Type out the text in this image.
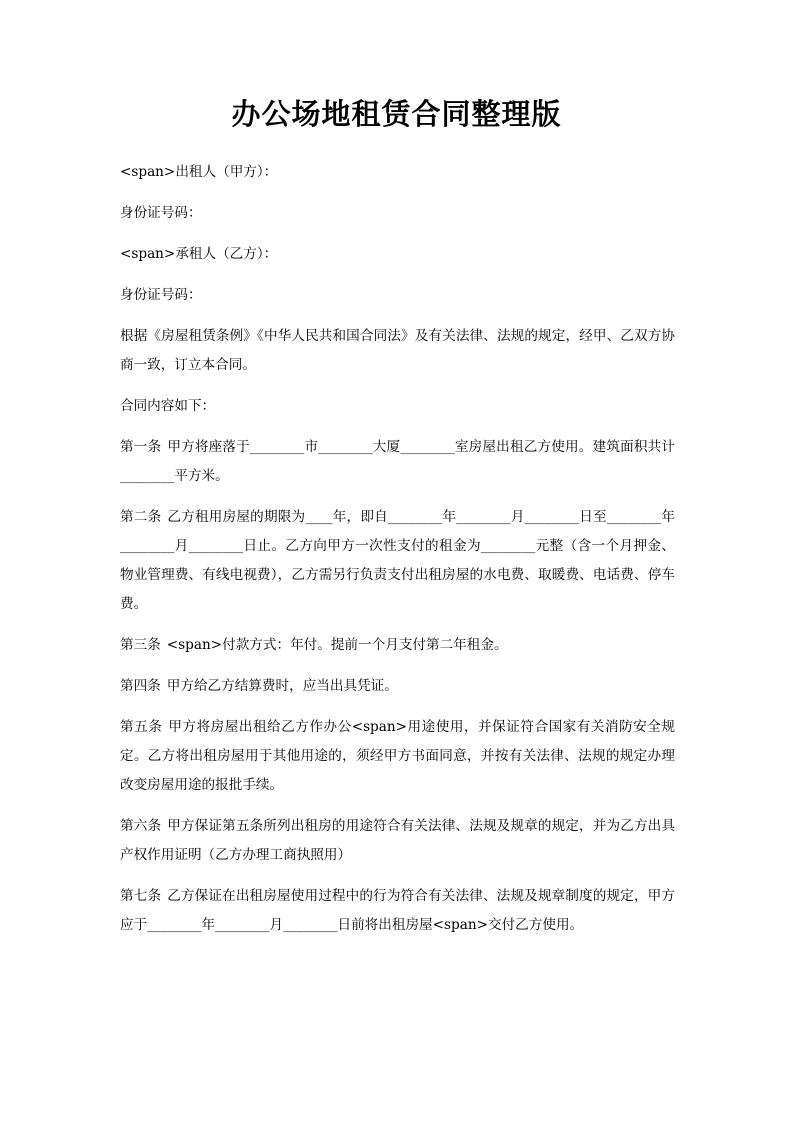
办公场地租赁合同整理版

<span>出租人（甲方）：

身份证号码：

<span>承租人（乙方）：

身份证号码：

根据《房屋租赁条例》《中华人民共和国合同法》及有关法律、法规的规定，经甲、乙双方协商一致，订立本合同。

合同内容如下：

第一条 甲方将座落于________市________大厦________室房屋出租乙方使用。建筑面积共计________平方米。

第二条 乙方租用房屋的期限为____年，即自________年________月________日至________年________月________日止。乙方向甲方一次性支付的租金为________元整（含一个月押金、物业管理费、有线电视费），乙方需另行负责支付出租房屋的水电费、取暖费、电话费、停车费。

第三条 <span>付款方式：年付。提前一个月支付第二年租金。

第四条 甲方给乙方结算费时，应当出具凭证。

第五条 甲方将房屋出租给乙方作办公<span>用途使用，并保证符合国家有关消防安全规定。乙方将出租房屋用于其他用途的，须经甲方书面同意，并按有关法律、法规的规定办理改变房屋用途的报批手续。

第六条 甲方保证第五条所列出租房的用途符合有关法律、法规及规章的规定，并为乙方出具产权作用证明（乙方办理工商执照用）

第七条 乙方保证在出租房屋使用过程中的行为符合有关法律、法规及规章制度的规定，甲方应于________年________月________日前将出租房屋<span>交付乙方使用。
